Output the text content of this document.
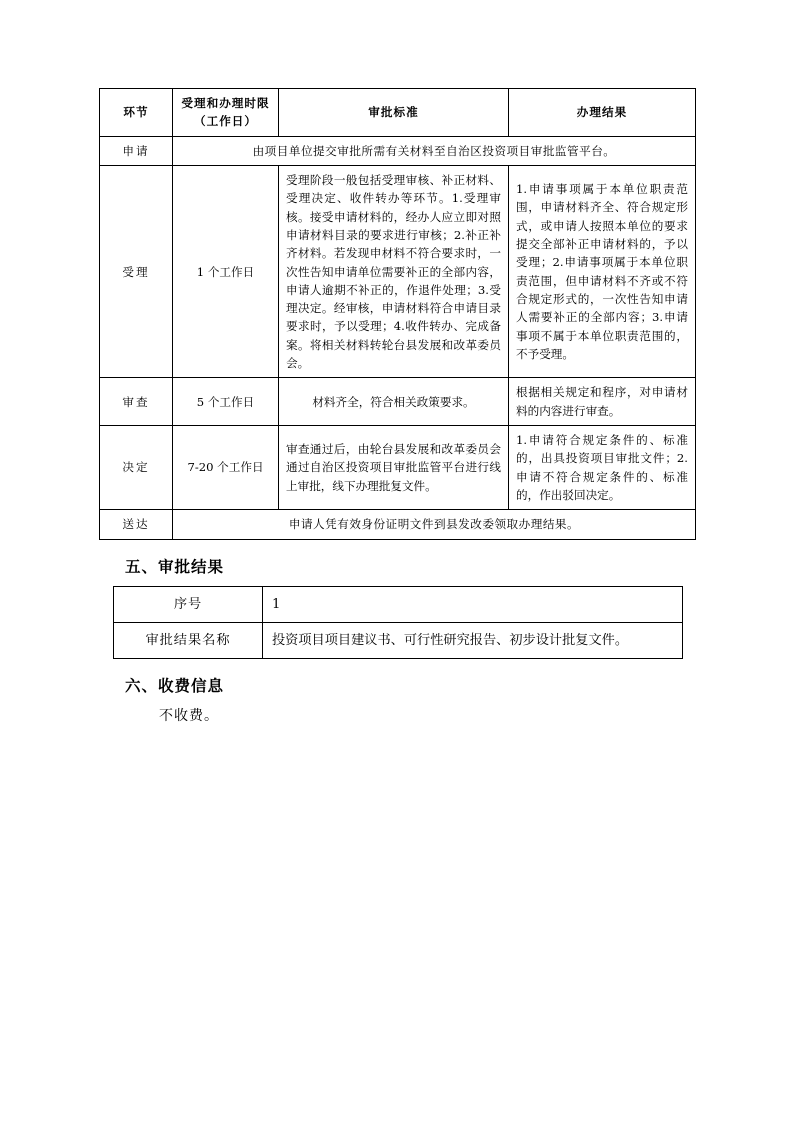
环节	受理和办理时限（工作日）	审批标准	办理结果
申请	由项目单位提交审批所需有关材料至自治区投资项目审批监管平台。		
受理	1 个工作日	受理阶段一般包括受理审核、补正材料、受理决定、收件转办等环节。1.受理审核。接受申请材料的，经办人应立即对照申请材料目录的要求进行审核；2.补正补齐材料。若发现申材料不符合要求时，一次性告知申请单位需要补正的全部内容，申请人逾期不补正的，作退件处理；3.受理决定。经审核，申请材料符合申请目录要求时，予以受理；4.收件转办、完成备案。将相关材料转轮台县发展和改革委员会。	1.申请事项属于本单位职责范围，申请材料齐全、符合规定形式，或申请人按照本单位的要求提交全部补正申请材料的，予以受理；2.申请事项属于本单位职责范围，但申请材料不齐或不符合规定形式的，一次性告知申请人需要补正的全部内容；3.申请事项不属于本单位职责范围的，不予受理。
审查	5 个工作日	材料齐全，符合相关政策要求。	根据相关规定和程序，对申请材料的内容进行审查。
决定	7-20 个工作日	审查通过后，由轮台县发展和改革委员会通过自治区投资项目审批监管平台进行线上审批，线下办理批复文件。	1.申请符合规定条件的、标准的，出具投资项目审批文件；2.申请不符合规定条件的、标准的，作出驳回决定。
送达	申请人凭有效身份证明文件到县发改委领取办理结果。		
五、审批结果
序号	1
审批结果名称	投资项目项目建议书、可行性研究报告、初步设计批复文件。
六、收费信息
不收费。
